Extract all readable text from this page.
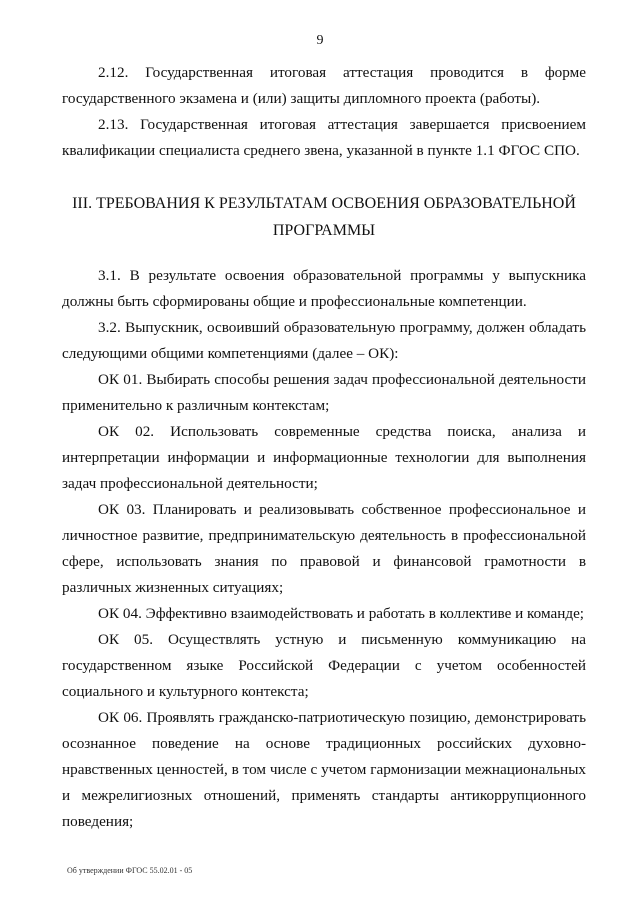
9

2.12. Государственная итоговая аттестация проводится в форме государственного экзамена и (или) защиты дипломного проекта (работы).

2.13. Государственная итоговая аттестация завершается присвоением квалификации специалиста среднего звена, указанной в пункте 1.1 ФГОС СПО.

III. ТРЕБОВАНИЯ К РЕЗУЛЬТАТАМ ОСВОЕНИЯ ОБРАЗОВАТЕЛЬНОЙ ПРОГРАММЫ

3.1. В результате освоения образовательной программы у выпускника должны быть сформированы общие и профессиональные компетенции.

3.2. Выпускник, освоивший образовательную программу, должен обладать следующими общими компетенциями (далее – ОК):

ОК 01. Выбирать способы решения задач профессиональной деятельности применительно к различным контекстам;

ОК 02. Использовать современные средства поиска, анализа и интерпретации информации и информационные технологии для выполнения задач профессиональной деятельности;

ОК 03. Планировать и реализовывать собственное профессиональное и личностное развитие, предпринимательскую деятельность в профессиональной сфере, использовать знания по правовой и финансовой грамотности в различных жизненных ситуациях;

ОК 04. Эффективно взаимодействовать и работать в коллективе и команде;

ОК 05. Осуществлять устную и письменную коммуникацию на государственном языке Российской Федерации с учетом особенностей социального и культурного контекста;

ОК 06. Проявлять гражданско-патриотическую позицию, демонстрировать осознанное поведение на основе традиционных российских духовно-нравственных ценностей, в том числе с учетом гармонизации межнациональных и межрелигиозных отношений, применять стандарты антикоррупционного поведения;

Об утверждении ФГОС 55.02.01 - 05
